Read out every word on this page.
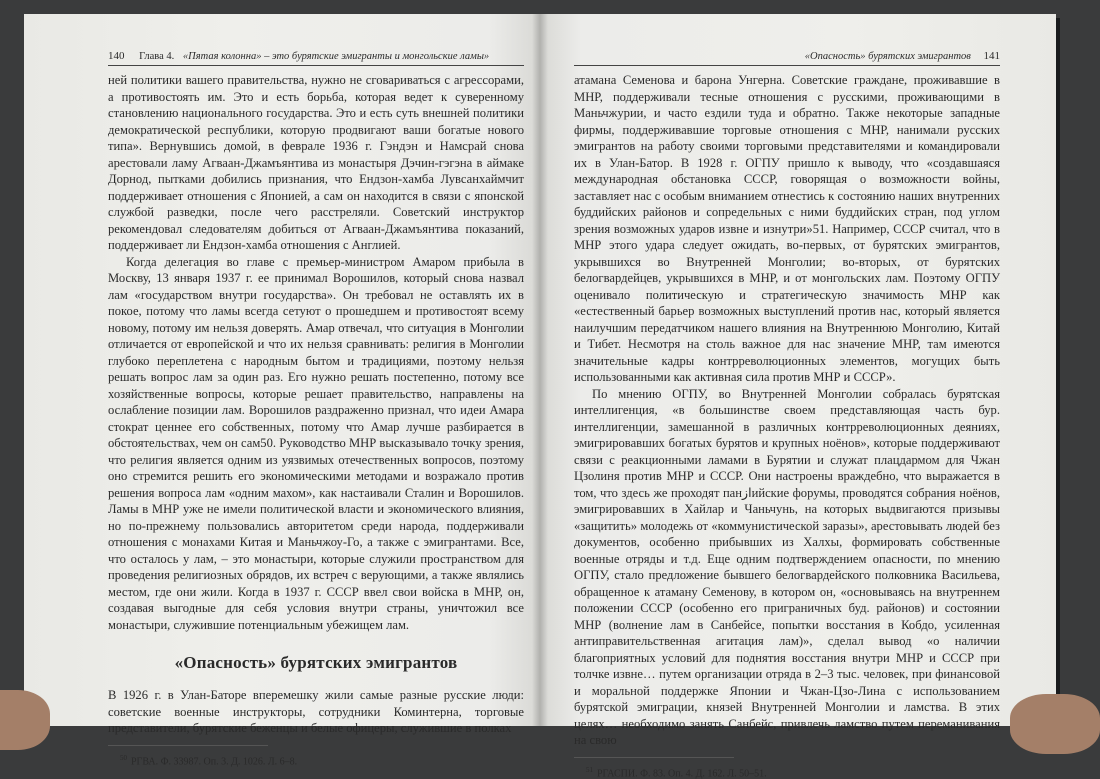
140 Глава 4. «Пятая колонна» – это бурятские эмигранты и монгольские ламы»

ней политики вашего правительства, нужно не сговариваться с агрессорами, а противостоять им. Это и есть борьба, которая ведет к суверенному становлению национального государства. Это и есть суть внешней политики демократической республики, которую продвигают ваши богатые нового типа». Вернувшись домой, в феврале 1936 г. Гэндэн и Намсрай снова арестовали ламу Агваан-Джамъянтива из монастыря Дэчин-гэгэна в аймаке Дорнод, пытками добились признания, что Ендзон-хамба Лувсанхаймчит поддерживает отношения с Японией, а сам он находится в связи с японской службой разведки, после чего расстреляли. Советский инструктор рекомендовал следователям добиться от Агваан-Джамъянтива показаний, поддерживает ли Ендзон-хамба отношения с Англией.

Когда делегация во главе с премьер-министром Амаром прибыла в Москву, 13 января 1937 г. ее принимал Ворошилов, который снова назвал лам «государством внутри государства». Он требовал не оставлять их в покое, потому что ламы всегда сетуют о прошедшем и противостоят всему новому, потому им нельзя доверять. Амар отвечал, что ситуация в Монголии отличается от европейской и что их нельзя сравнивать: религия в Монголии глубоко переплетена с народным бытом и традициями, поэтому нельзя решать вопрос лам за один раз. Его нужно решать постепенно, потому все хозяйственные вопросы, которые решает правительство, направлены на ослабление позиции лам. Ворошилов раздраженно признал, что идеи Амара стократ ценнее его собственных, потому что Амар лучше разбирается в обстоятельствах, чем он сам50. Руководство МНР высказывало точку зрения, что религия является одним из уязвимых отечественных вопросов, поэтому оно стремится решить его экономическими методами и возражало против решения вопроса лам «одним махом», как настаивали Сталин и Ворошилов. Ламы в МНР уже не имели политической власти и экономического влияния, но по-прежнему пользовались авторитетом среди народа, поддерживали отношения с монахами Китая и Маньчжоу-Го, а также с эмигрантами. Все, что осталось у лам, – это монастыри, которые служили пространством для проведения религиозных обрядов, их встреч с верующими, а также являлись местом, где они жили. Когда в 1937 г. СССР ввел свои войска в МНР, он, создавая выгодные для себя условия внутри страны, уничтожил все монастыри, служившие потенциальным убежищем лам.

«Опасность» бурятских эмигрантов

В 1926 г. в Улан-Баторе вперемешку жили самые разные русские люди: советские военные инструкторы, сотрудники Коминтерна, торговые представители, бурятские беженцы и белые офицеры, служившие в полках

$^{50}$ РГВА. Ф. 33987. Оп. 3. Д. 1026. Л. 6–8.
«Опасность» бурятских эмигрантов 141

атамана Семенова и барона Унгерна. Советские граждане, проживавшие в МНР, поддерживали тесные отношения с русскими, проживающими в Маньчжурии, и часто ездили туда и обратно. Также некоторые западные фирмы, поддерживавшие торговые отношения с МНР, нанимали русских эмигрантов на работу своими торговыми представителями и командировали их в Улан-Батор. В 1928 г. ОГПУ пришло к выводу, что «создавшаяся международная обстановка СССР, говорящая о возможности войны, заставляет нас с особым вниманием отнестись к состоянию наших внутренних буддийских районов и сопредельных с ними буддийских стран, под углом зрения возможных ударов извне и изнутри»51. Например, СССР считал, что в МНР этого удара следует ожидать, во-первых, от бурятских эмигрантов, укрывшихся во Внутренней Монголии; во-вторых, от бурятских белогвардейцев, укрывшихся в МНР, и от монгольских лам. Поэтому ОГПУ оценивало политическую и стратегическую значимость МНР как «естественный барьер возможных выступлений против нас, который является наилучшим передатчиком нашего влияния на Внутреннюю Монголию, Китай и Тибет. Несмотря на столь важное для нас значение МНР, там имеются значительные кадры контрреволюционных элементов, могущих быть использованными как активная сила против МНР и СССР».

По мнению ОГПУ, во Внутренней Монголии собралась бурятская интеллигенция, «в большинстве своем представляющая часть бур. интеллигенции, замешанной в различных контрреволюционных деяниях, эмигрировавших богатых бурятов и крупных ноёнов», которые поддерживают связи с реакционными ламами в Бурятии и служат плацдармом для Чжан Цзолиня против МНР и СССР. Они настроены враждебно, что выражается в том, что здесь же проходят панازийские форумы, проводятся собрания ноёнов, эмигрировавших в Хайлар и Чаньчунь, на которых выдвигаются призывы «защитить» молодежь от «коммунистической заразы», арестовывать людей без документов, особенно прибывших из Халхы, формировать собственные военные отряды и т.д. Еще одним подтверждением опасности, по мнению ОГПУ, стало предложение бывшего белогвардейского полковника Васильева, обращенное к атаману Семенову, в котором он, «основываясь на внутреннем положении СССР (особенно его приграничных буд. районов) и состоянии МНР (волнение лам в Санбейсе, попытки восстания в Кобдо, усиленная антиправительственная агитация лам)», сделал вывод «о наличии благоприятных условий для поднятия восстания внутри МНР и СССР при толчке извне… путем организации отряда в 2–3 тыс. человек, при финансовой и моральной поддержке Японии и Чжан-Цзо-Лина с использованием бурятской эмиграции, князей Внутренней Монголии и ламства. В этих целях… необходимо занять Санбейс, привлечь ламство путем переманивания на свою

$^{51}$ РГАСПИ. Ф. 83. Оп. 4. Д. 162. Л. 50–51.
